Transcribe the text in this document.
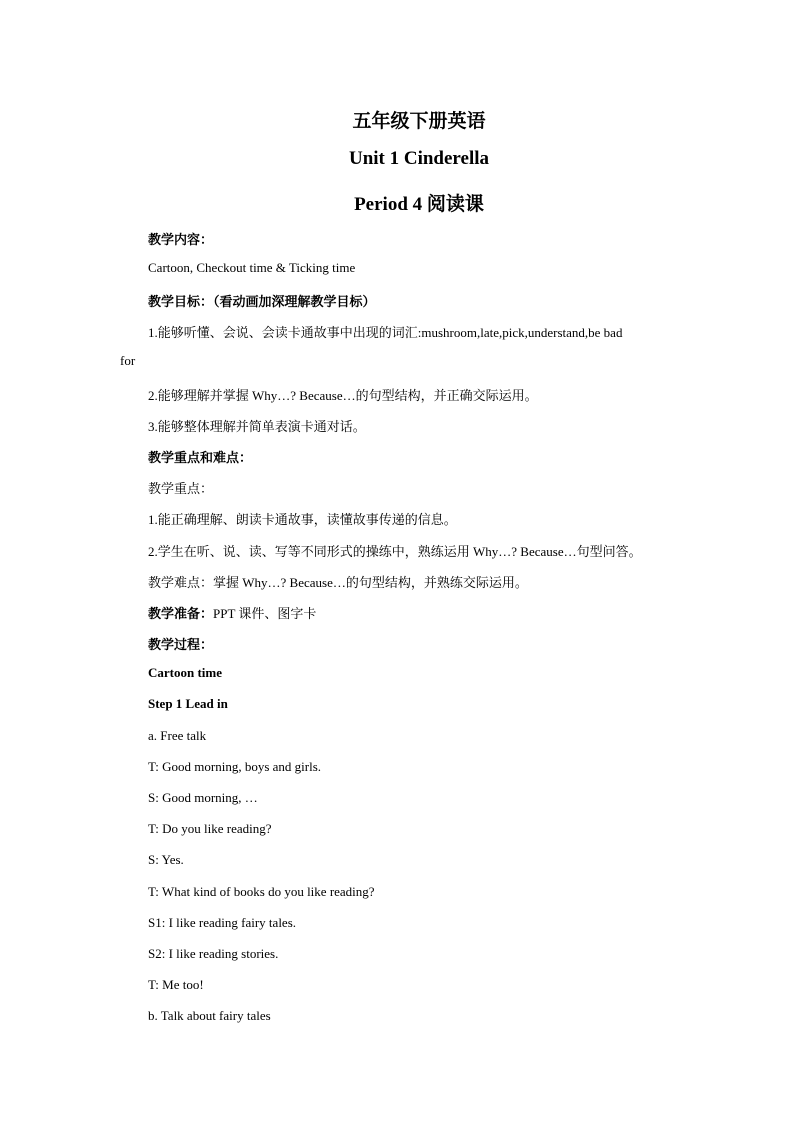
五年级下册英语
Unit 1 Cinderella
Period 4 阅读课
教学内容：
Cartoon, Checkout time & Ticking time
教学目标：（看动画加深理解教学目标）
1.能够听懂、会说、会读卡通故事中出现的词汇:mushroom,late,pick,understand,be bad
for
2.能够理解并掌握 Why…? Because…的句型结构，并正确交际运用。
3.能够整体理解并简单表演卡通对话。
教学重点和难点：
教学重点：
1.能正确理解、朗读卡通故事，读懂故事传递的信息。
2.学生在听、说、读、写等不同形式的操练中，熟练运用 Why…? Because…句型问答。
教学难点：掌握 Why…? Because…的句型结构，并熟练交际运用。
教学准备：PPT 课件、图字卡
教学过程：
Cartoon time
Step 1 Lead in
a. Free talk
T: Good morning, boys and girls.
S: Good morning, …
T: Do you like reading?
S: Yes.
T: What kind of books do you like reading?
S1: I like reading fairy tales.
S2: I like reading stories.
T: Me too!
b. Talk about fairy tales
